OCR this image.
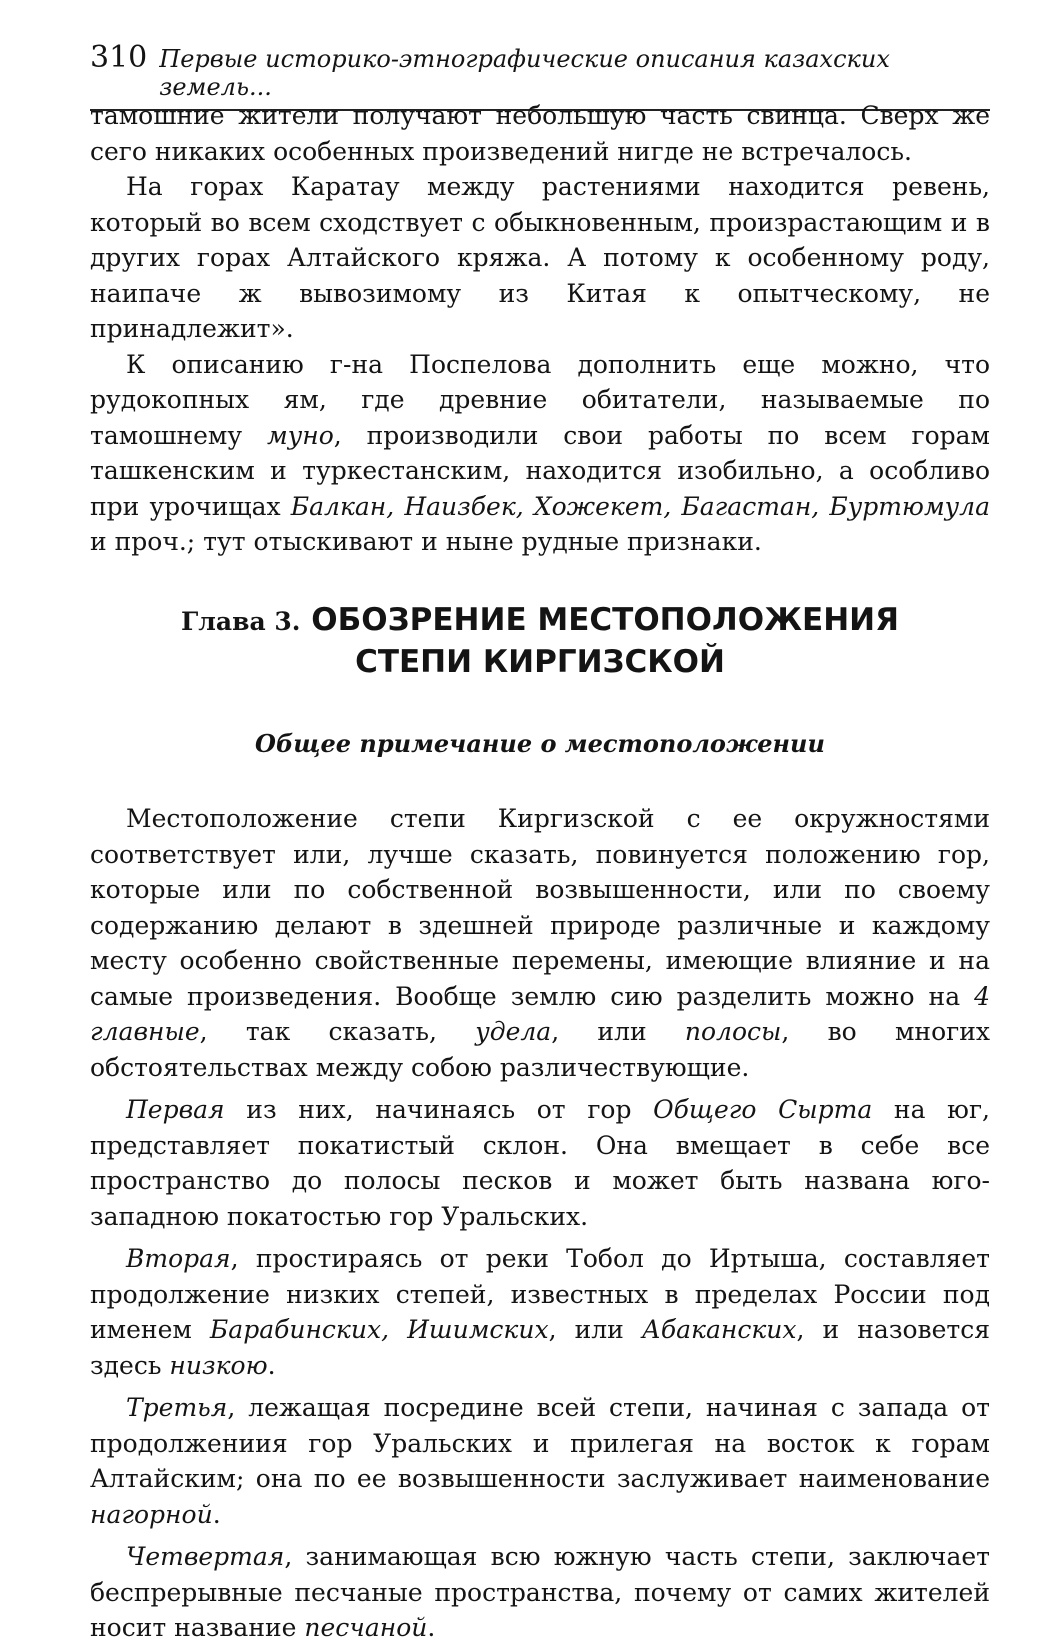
310 Первые историко-этнографические описания казахских земель...

тамошние жители получают небольшую часть свинца. Сверх же сего никаких особенных произведений нигде не встречалось.

На горах Каратау между растениями находится ревень, который во всем сходствует с обыкновенным, произрастающим и в других горах Алтайского кряжа. А потому к особенному роду, наипаче ж вывозимому из Китая к опытческому, не принадлежит».

К описанию г-на Поспелова дополнить еще можно, что рудокопных ям, где древние обитатели, называемые по тамошнему муно, производили свои работы по всем горам ташкенским и туркестанским, находится изобильно, а особливо при урочищах Балкан, Наизбек, Хожекет, Багастан, Буртюмула и проч.; тут отыскивают и ныне рудные признаки.

Глава 3. ОБОЗРЕНИЕ МЕСТОПОЛОЖЕНИЯ
СТЕПИ КИРГИЗСКОЙ
Общее примечание о местоположении

Местоположение степи Киргизской с ее окружностями соответствует или, лучше сказать, повинуется положению гор, которые или по собственной возвышенности, или по своему содержанию делают в здешней природе различные и каждому месту особенно свойственные перемены, имеющие влияние и на самые произведения. Вообще землю сию разделить можно на 4 главные, так сказать, удела, или полосы, во многих обстоятельствах между собою различествующие.

Первая из них, начинаясь от гор Общего Сырта на юг, представляет покатистый склон. Она вмещает в себе все пространство до полосы песков и может быть названа юго-западною покатостью гор Уральских.

Вторая, простираясь от реки Тобол до Иртыша, составляет продолжение низких степей, известных в пределах России под именем Барабинских, Ишимских, или Абаканских, и назовется здесь низкою.

Третья, лежащая посредине всей степи, начиная с запада от продолжениия гор Уральских и прилегая на восток к горам Алтайским; она по ее возвышенности заслуживает наименование нагорной.

Четвертая, занимающая всю южную часть степи, заключает беспрерывные песчаные пространства, почему от самих жителей носит название песчаной.
